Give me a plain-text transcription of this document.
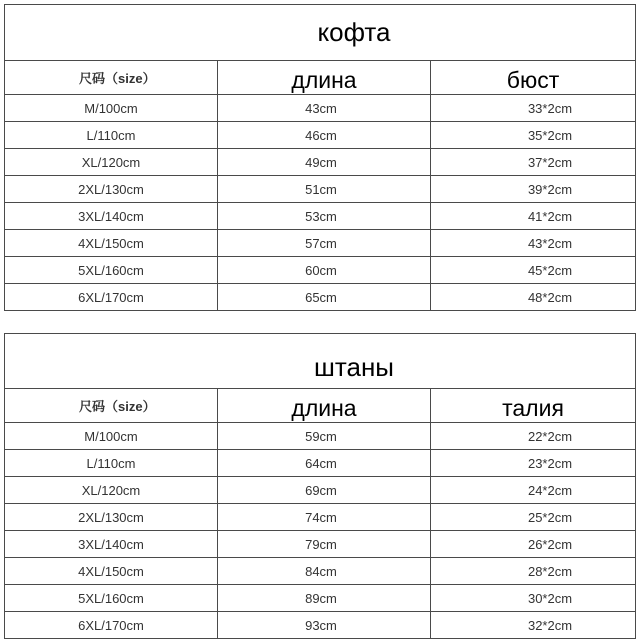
кофта		
尺码（size）	длина	бюст
M/100cm	43cm	33*2cm
L/110cm	46cm	35*2cm
XL/120cm	49cm	37*2cm
2XL/130cm	51cm	39*2cm
3XL/140cm	53cm	41*2cm
4XL/150cm	57cm	43*2cm
5XL/160cm	60cm	45*2cm
6XL/170cm	65cm	48*2cm
штаны		
尺码（size）	длина	талия
M/100cm	59cm	22*2cm
L/110cm	64cm	23*2cm
XL/120cm	69cm	24*2cm
2XL/130cm	74cm	25*2cm
3XL/140cm	79cm	26*2cm
4XL/150cm	84cm	28*2cm
5XL/160cm	89cm	30*2cm
6XL/170cm	93cm	32*2cm
